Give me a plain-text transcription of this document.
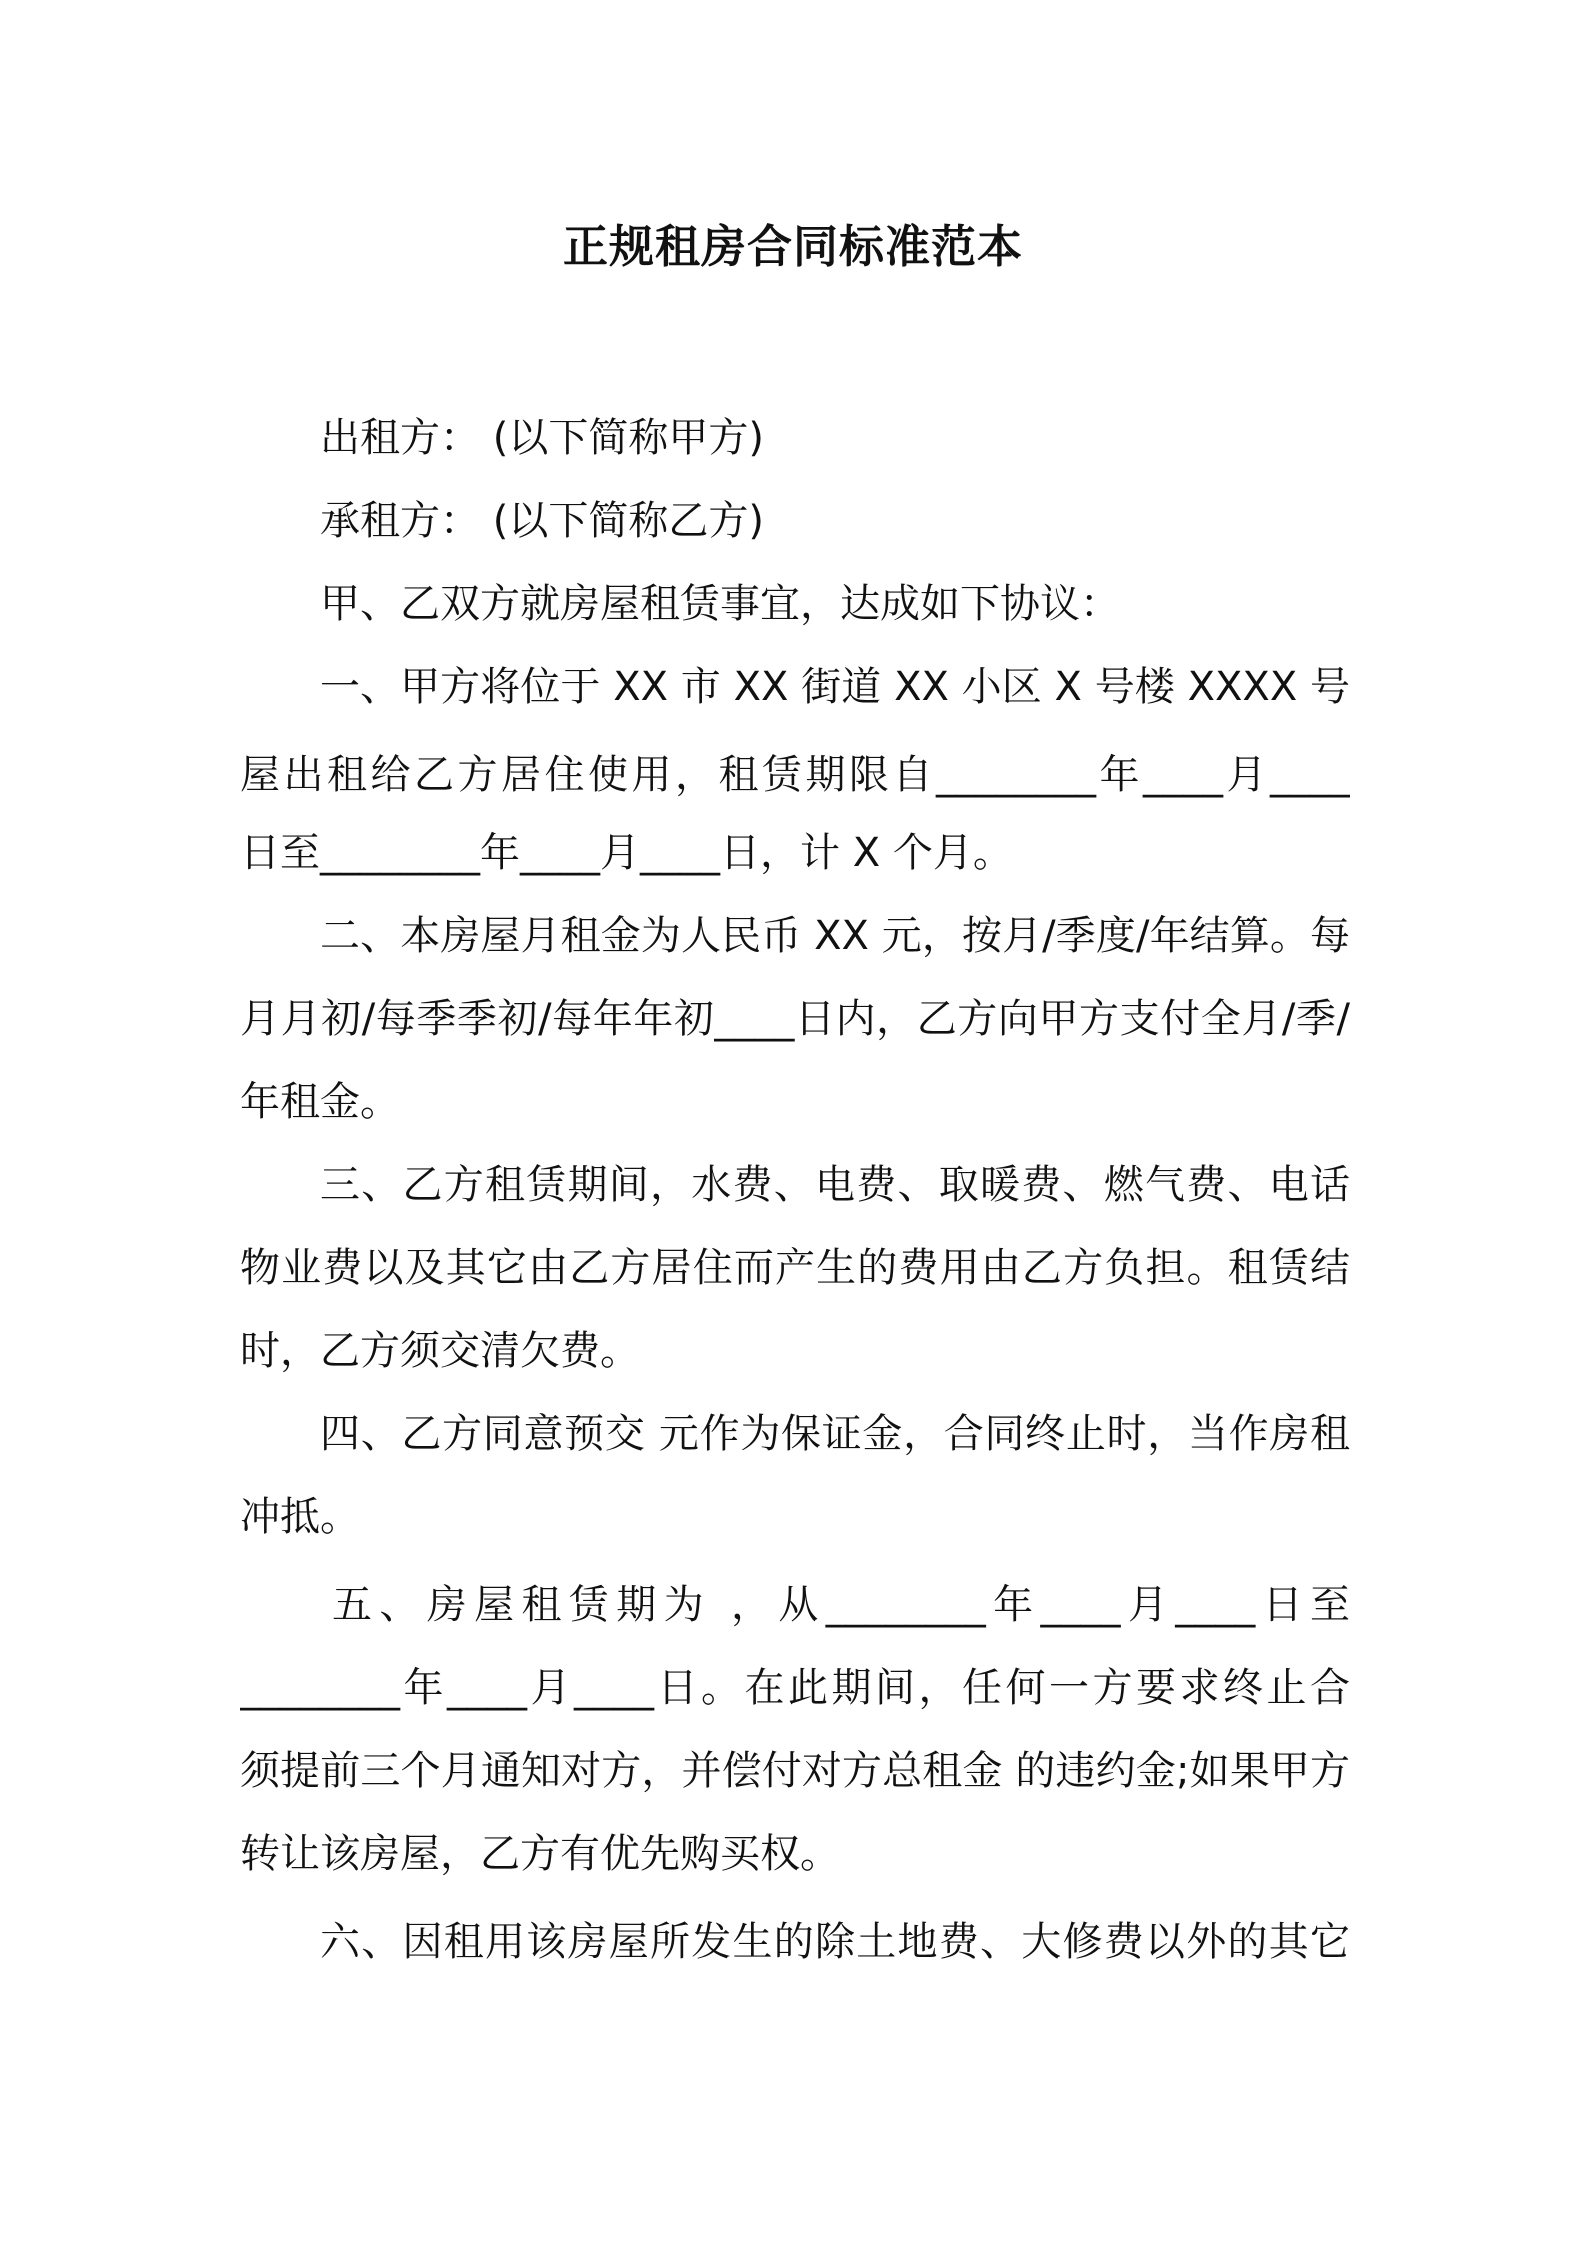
正规租房合同标准范本

出租方： (以下简称甲方)

承租方： (以下简称乙方)

甲、乙双方就房屋租赁事宜，达成如下协议：

一、甲方将位于 XX 市 XX 街道 XX 小区 X 号楼 XXXX 号

屋出租给乙方居住使用，租赁期限自________年____月____

日至________年____月____日，计 X 个月。

二、本房屋月租金为人民币 XX 元，按月/季度/年结算。每

月月初/每季季初/每年年初____日内，乙方向甲方支付全月/季/

年租金。

三、乙方租赁期间，水费、电费、取暖费、燃气费、电话

物业费以及其它由乙方居住而产生的费用由乙方负担。租赁结

时，乙方须交清欠费。

四、乙方同意预交 元作为保证金，合同终止时，当作房租

冲抵。

五、房屋租赁期为 ，从________年____月____日至

________年____月____日。在此期间，任何一方要求终止合

须提前三个月通知对方，并偿付对方总租金 的违约金;如果甲方

转让该房屋，乙方有优先购买权。

六、因租用该房屋所发生的除土地费、大修费以外的其它
